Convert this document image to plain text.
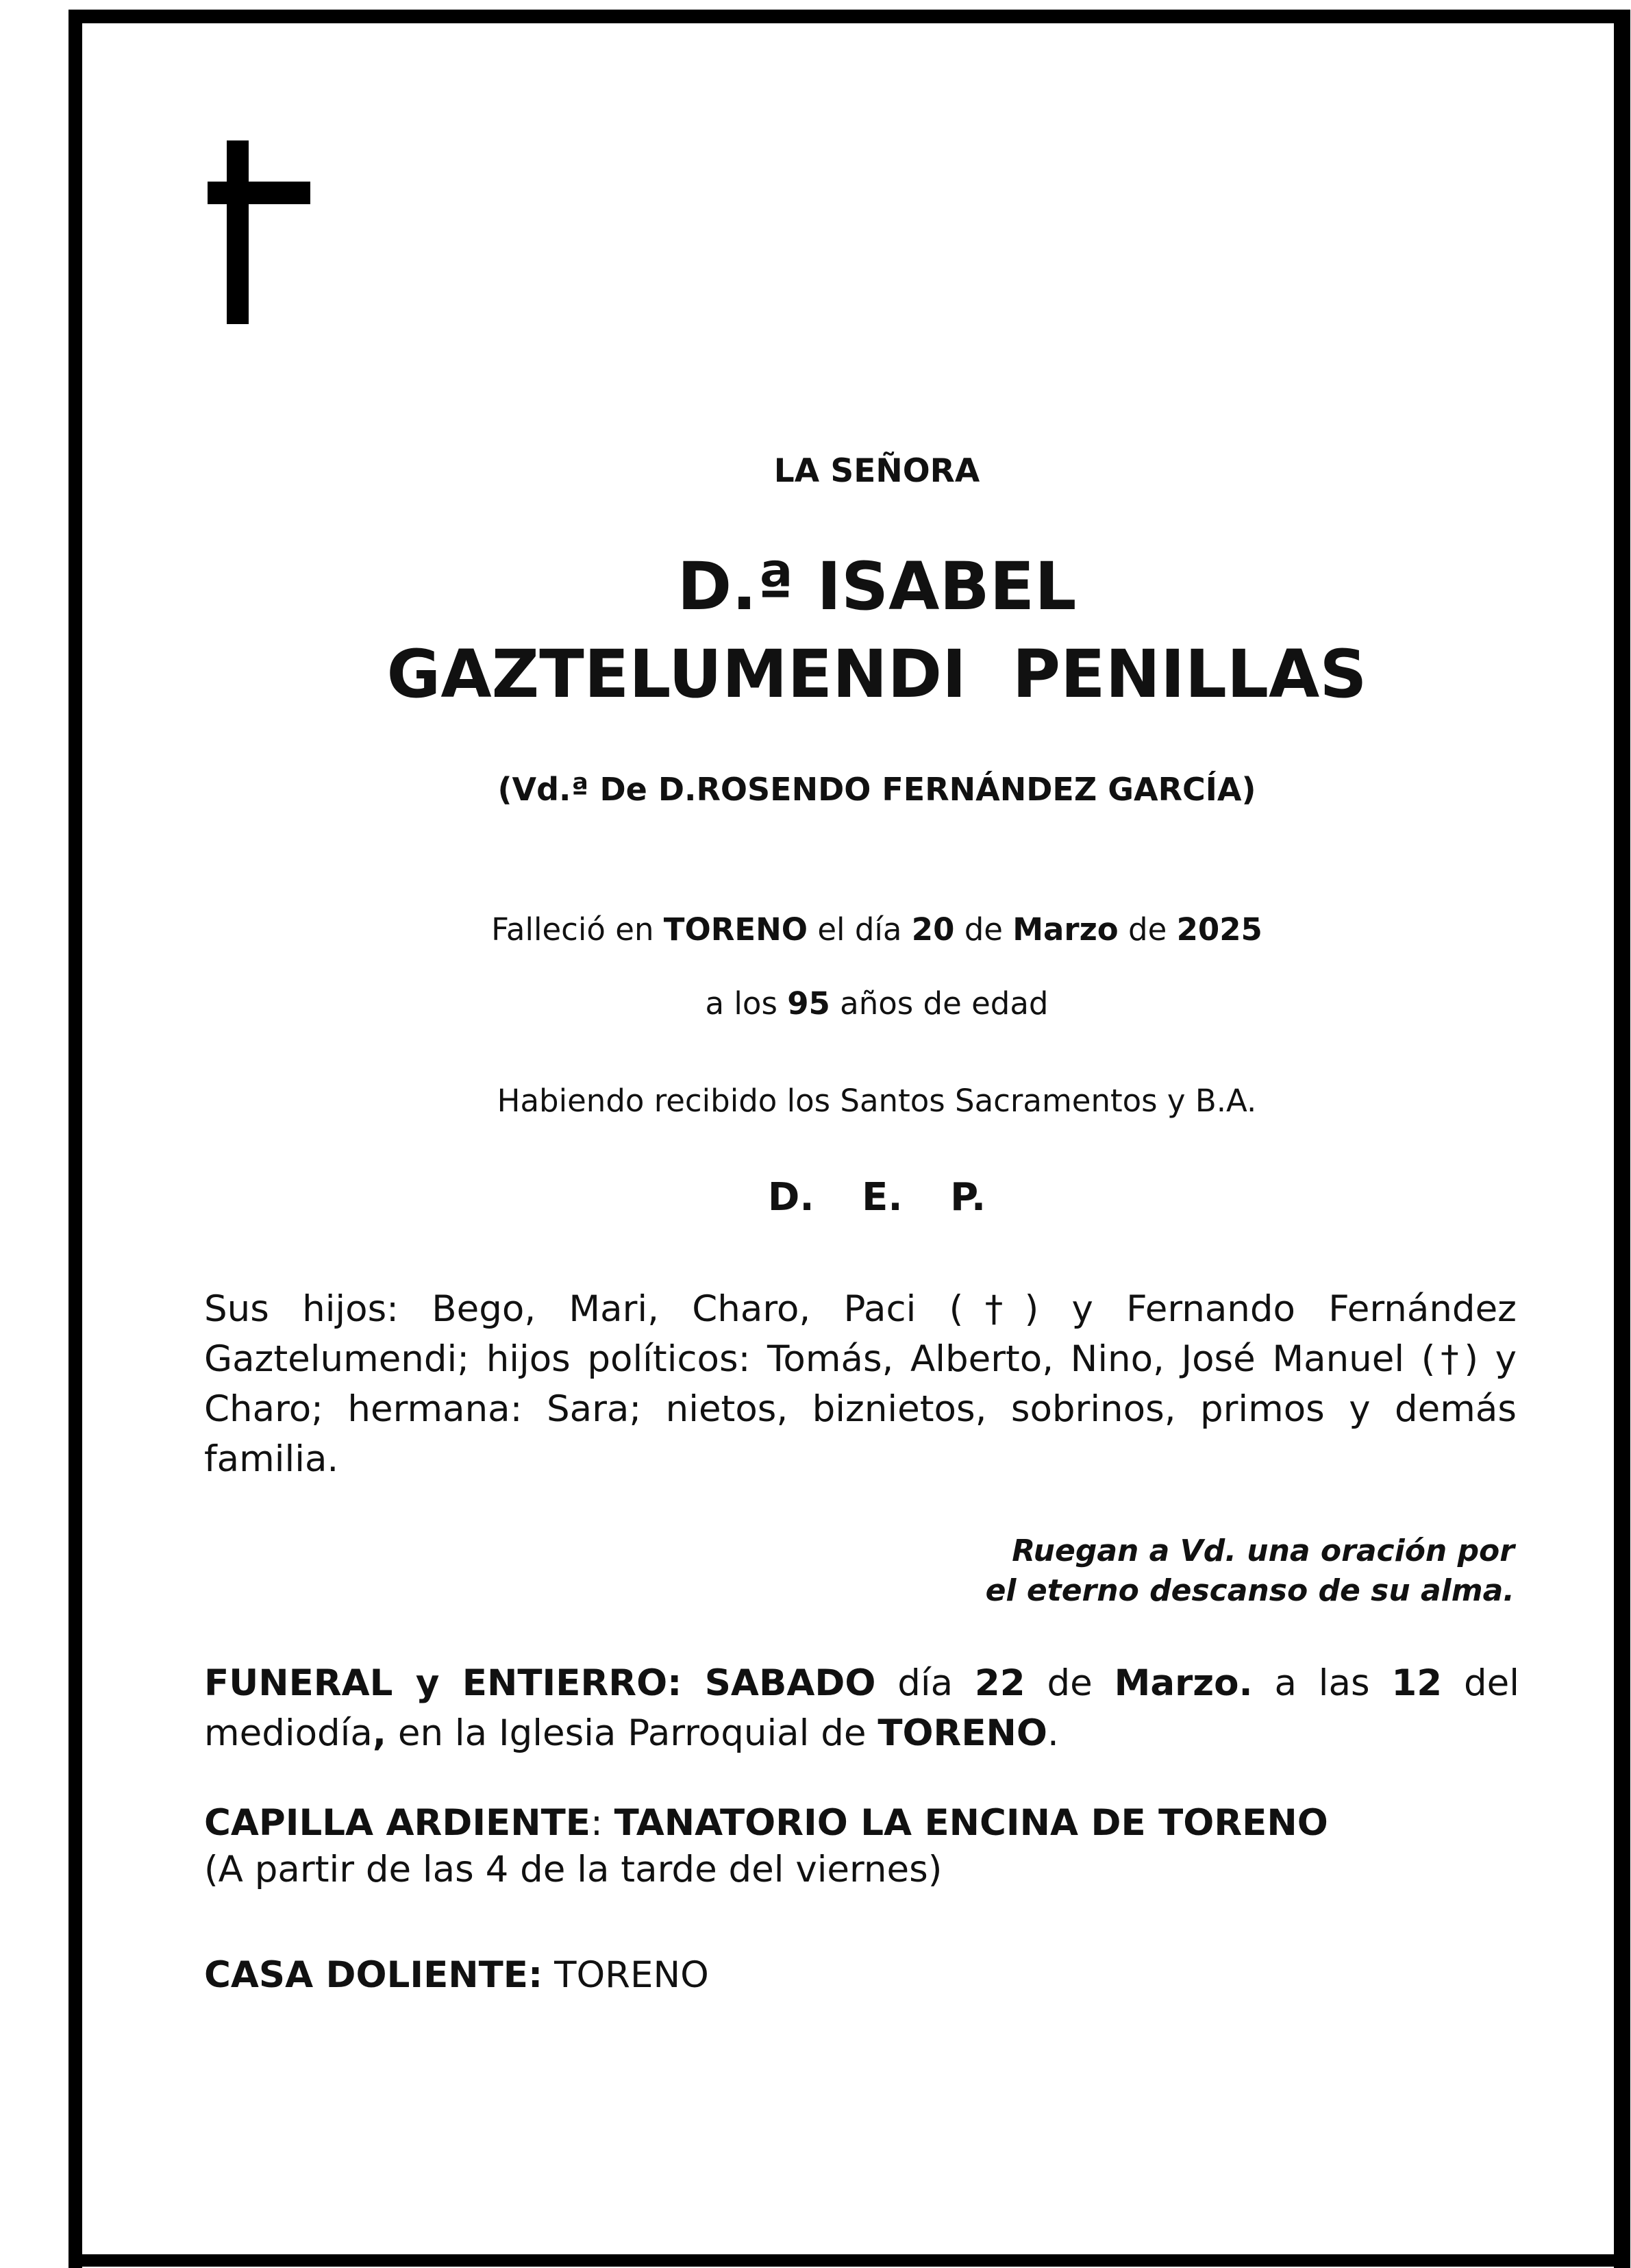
LA SEÑORA
D.ª ISABEL
GAZTELUMENDI  PENILLAS
(Vd.ª De D.ROSENDO FERNÁNDEZ GARCÍA)
Falleció en TORENO el día 20 de Marzo de 2025
a los 95 años de edad
Habiendo recibido los Santos Sacramentos y B.A.
D. E. P.
Sus hijos: Bego, Mari, Charo, Paci (†) y Fernando Fernández Gaztelumendi; hijos políticos: Tomás, Alberto, Nino, José Manuel (†) y Charo; hermana: Sara; nietos, biznietos, sobrinos, primos y demás familia.
Ruegan a Vd. una oración por
el eterno descanso de su alma.
FUNERAL y ENTIERRO: SABADO día 22 de Marzo. a las 12 del mediodía, en la Iglesia Parroquial de TORENO.
CAPILLA ARDIENTE: TANATORIO LA ENCINA DE TORENO
(A partir de las 4 de la tarde del viernes)
CASA DOLIENTE: TORENO
